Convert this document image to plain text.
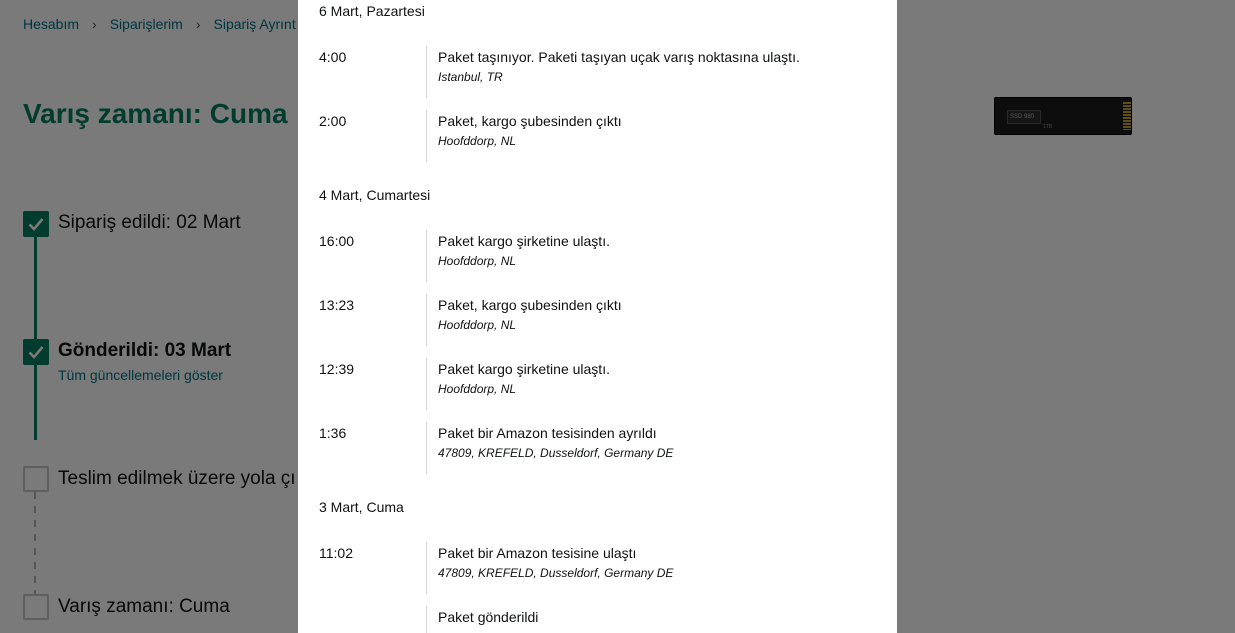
6 Mart, Pazartesi
4:00	Paket taşınıyor. Paketi taşıyan uçak varış noktasına ulaştı.
Istanbul, TR
2:00	Paket, kargo şubesinden çıktı
Hoofddorp, NL
4 Mart, Cumartesi
16:00	Paket kargo şirketine ulaştı.
Hoofddorp, NL
13:23	Paket, kargo şubesinden çıktı
Hoofddorp, NL
12:39	Paket kargo şirketine ulaştı.
Hoofddorp, NL
1:36	Paket bir Amazon tesisinden ayrıldı
47809, KREFELD, Dusseldorf, Germany DE
3 Mart, Cuma
11:02	Paket bir Amazon tesisine ulaştı
47809, KREFELD, Dusseldorf, Germany DE
Paket gönderildi
